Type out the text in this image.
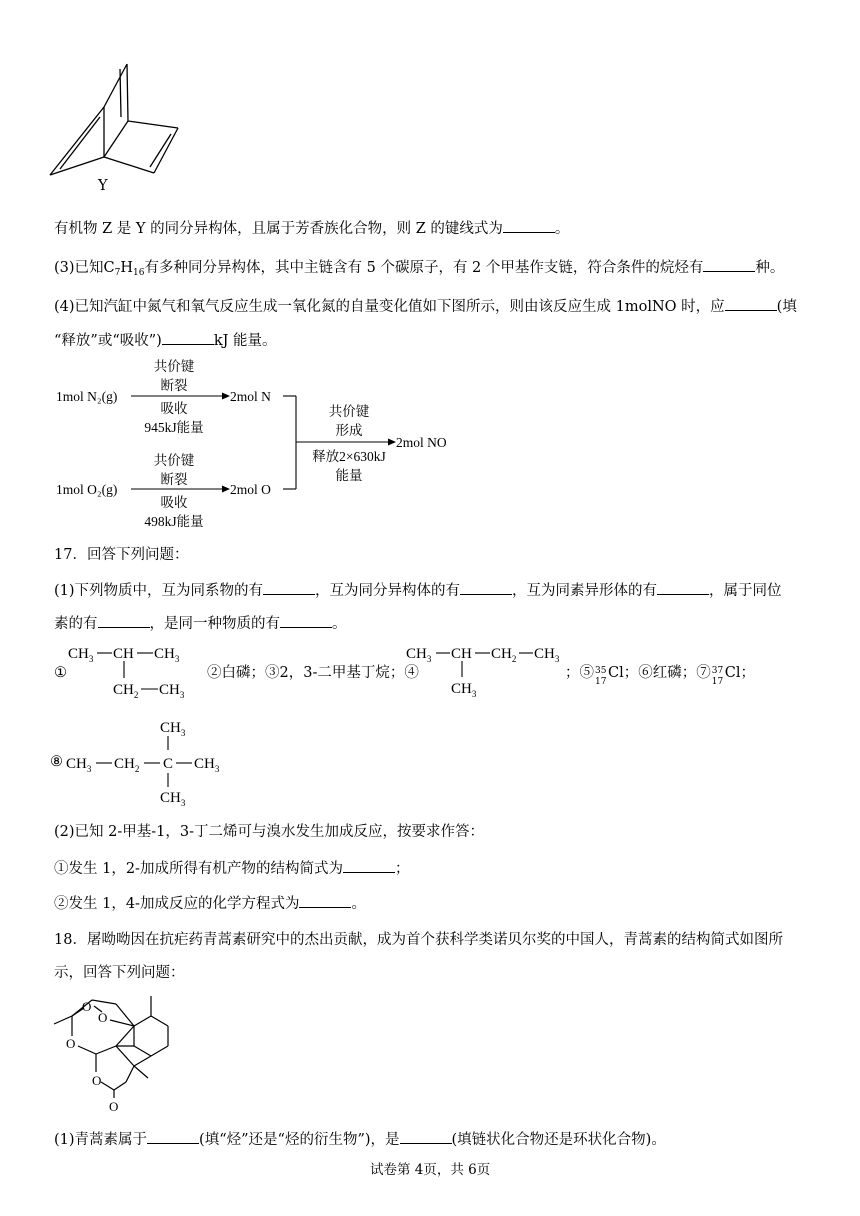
Y
有机物 Z 是 Y 的同分异构体，且属于芳香族化合物，则 Z 的键线式为	。
(3)已知$C_7H_{16}$有多种同分异构体，其中主链含有 5 个碳原子，有 2 个甲基作支链，符合条件的烷烃有	种。
(4)已知汽缸中氮气和氧气反应生成一氧化氮的自量变化值如下图所示，则由该反应生成 1molNO 时，应	(填
“释放”或“吸收”)	kJ 能量。
1mol N₂(g)
共价键
断裂
吸收
945kJ能量
2mol N
1mol O₂(g)
共价键
断裂
吸收
498kJ能量
2mol O
共价键
形成
释放2×630kJ
能量
2mol NO
17．回答下列问题：
(1)下列物质中，互为同系物的有	，互为同分异构体的有	，互为同素异形体的有	，属于同位
素的有	，是同一种物质的有	。
①
$CH_3$ CH $CH_3$
$CH_2$ $CH_3$
②白磷；③2，3-二甲基丁烷；④
$CH_3$ CH $CH_2$ $CH_3$
$CH_3$
；⑤ 35
17
Cl；⑥红磷；⑦ 37
17
Cl；
⑧
$CH_3$
$CH_3$ $CH_2$ C $CH_3$
$CH_3$
(2)已知 2-甲基-1，3-丁二烯可与溴水发生加成反应，按要求作答：
①发生 1，2-加成所得有机产物的结构简式为	；
②发生 1，4-加成反应的化学方程式为	。
18．屠呦呦因在抗疟药青蒿素研究中的杰出贡献，成为首个获科学类诺贝尔奖的中国人，青蒿素的结构简式如图所
示，回答下列问题：
O
O
O
O
O
(1)青蒿素属于	(填“烃”还是“烃的衍生物”)，是	(填链状化合物还是环状化合物)。
试卷第 4页，共 6页
